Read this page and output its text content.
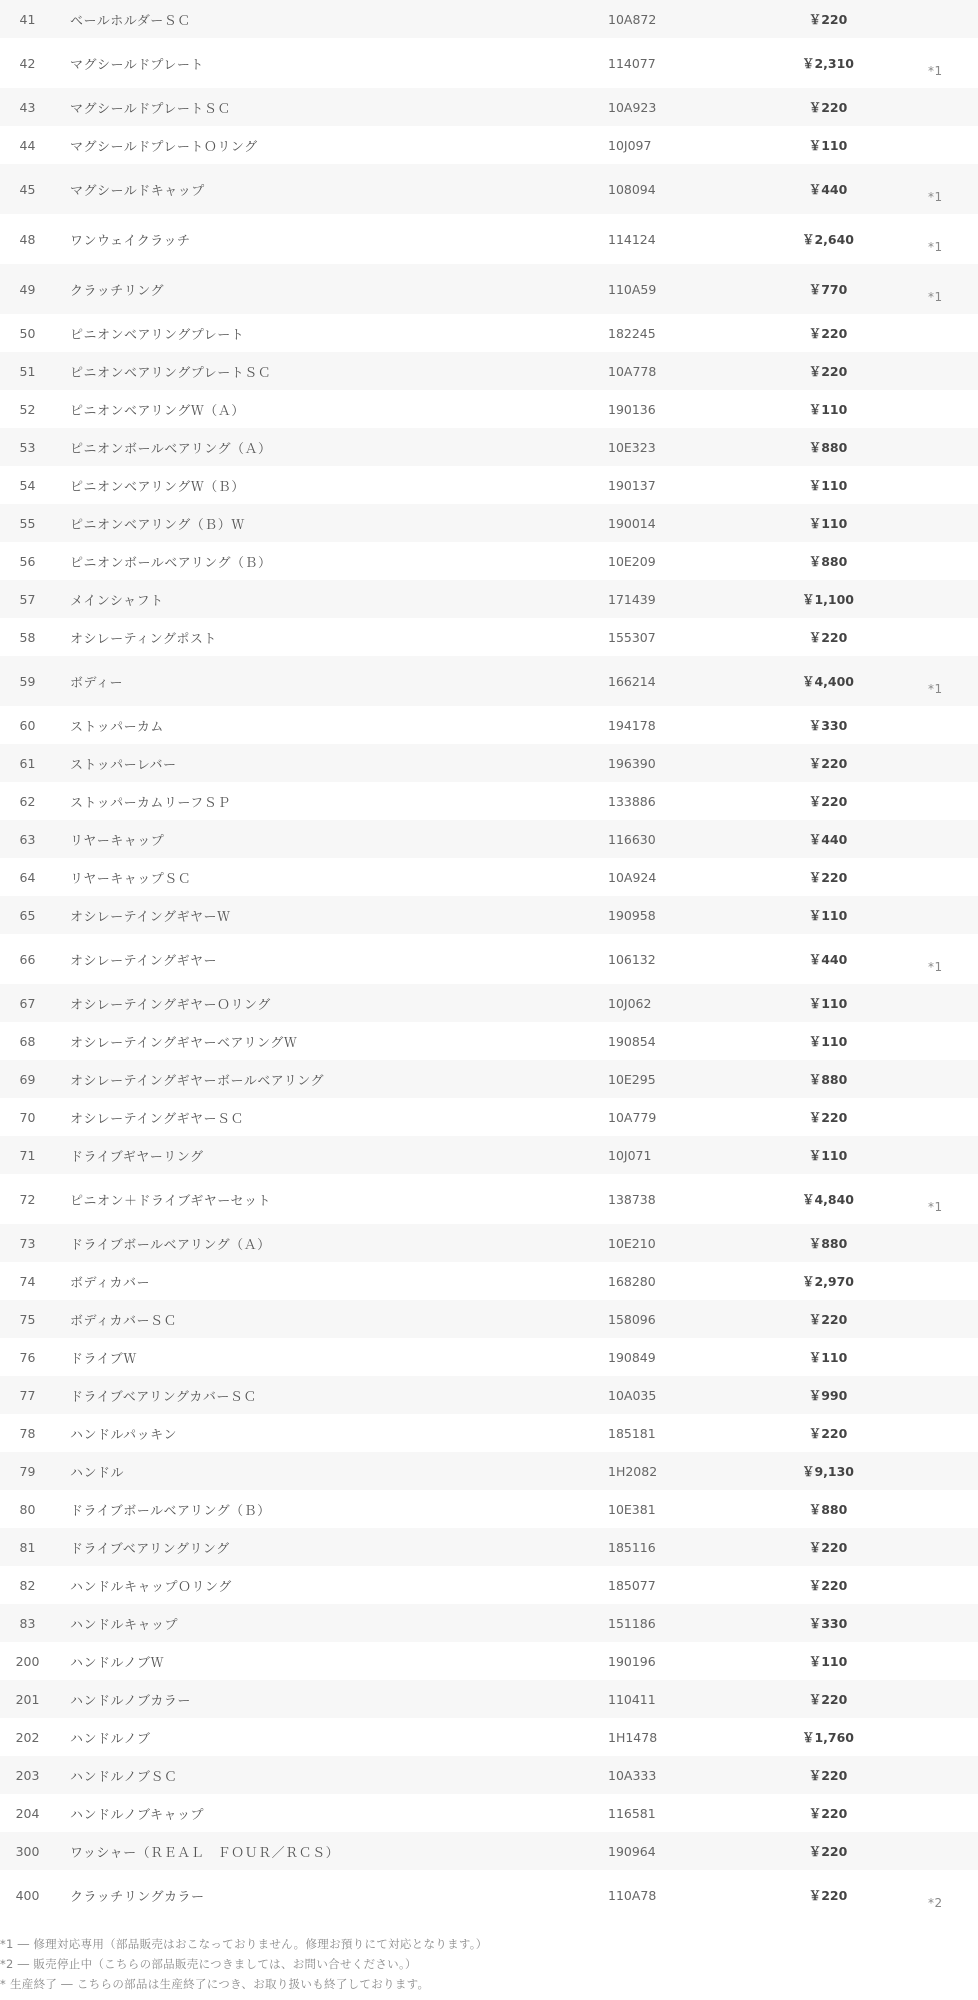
41	ベールホルダーＳＣ	10A872	￥220	
42	マグシールドプレート	114077	￥2,310	*1
43	マグシールドプレートＳＣ	10A923	￥220	
44	マグシールドプレートＯリング	10J097	￥110	
45	マグシールドキャップ	108094	￥440	*1
48	ワンウェイクラッチ	114124	￥2,640	*1
49	クラッチリング	110A59	￥770	*1
50	ピニオンベアリングプレート	182245	￥220	
51	ピニオンベアリングプレートＳＣ	10A778	￥220	
52	ピニオンベアリングＷ（Ａ）	190136	￥110	
53	ピニオンボールベアリング（Ａ）	10E323	￥880	
54	ピニオンベアリングＷ（Ｂ）	190137	￥110	
55	ピニオンベアリング（Ｂ）Ｗ	190014	￥110	
56	ピニオンボールベアリング（Ｂ）	10E209	￥880	
57	メインシャフト	171439	￥1,100	
58	オシレーティングポスト	155307	￥220	
59	ボディー	166214	￥4,400	*1
60	ストッパーカム	194178	￥330	
61	ストッパーレバー	196390	￥220	
62	ストッパーカムリーフＳＰ	133886	￥220	
63	リヤーキャップ	116630	￥440	
64	リヤーキャップＳＣ	10A924	￥220	
65	オシレーテイングギヤーＷ	190958	￥110	
66	オシレーテイングギヤー	106132	￥440	*1
67	オシレーテイングギヤーＯリング	10J062	￥110	
68	オシレーテイングギヤーベアリングＷ	190854	￥110	
69	オシレーテイングギヤーボールベアリング	10E295	￥880	
70	オシレーテイングギヤーＳＣ	10A779	￥220	
71	ドライブギヤーリング	10J071	￥110	
72	ピニオン＋ドライブギヤーセット	138738	￥4,840	*1
73	ドライブボールベアリング（Ａ）	10E210	￥880	
74	ボディカバー	168280	￥2,970	
75	ボディカバーＳＣ	158096	￥220	
76	ドライブＷ	190849	￥110	
77	ドライブベアリングカバーＳＣ	10A035	￥990	
78	ハンドルパッキン	185181	￥220	
79	ハンドル	1H2082	￥9,130	
80	ドライブボールベアリング（Ｂ）	10E381	￥880	
81	ドライブベアリングリング	185116	￥220	
82	ハンドルキャップＯリング	185077	￥220	
83	ハンドルキャップ	151186	￥330	
200	ハンドルノブＷ	190196	￥110	
201	ハンドルノブカラー	110411	￥220	
202	ハンドルノブ	1H1478	￥1,760	
203	ハンドルノブＳＣ	10A333	￥220	
204	ハンドルノブキャップ	116581	￥220	
300	ワッシャー（ＲＥＡＬ　ＦＯＵＲ／ＲＣＳ）	190964	￥220	
400	クラッチリングカラー	110A78	￥220	*2

*1 ― 修理対応専用（部品販売はおこなっておりません。修理お預りにて対応となります。）

*2 ― 販売停止中（こちらの部品販売につきましては、お問い合せください。）

* 生産終了 ― こちらの部品は生産終了につき、お取り扱いも終了しております。
